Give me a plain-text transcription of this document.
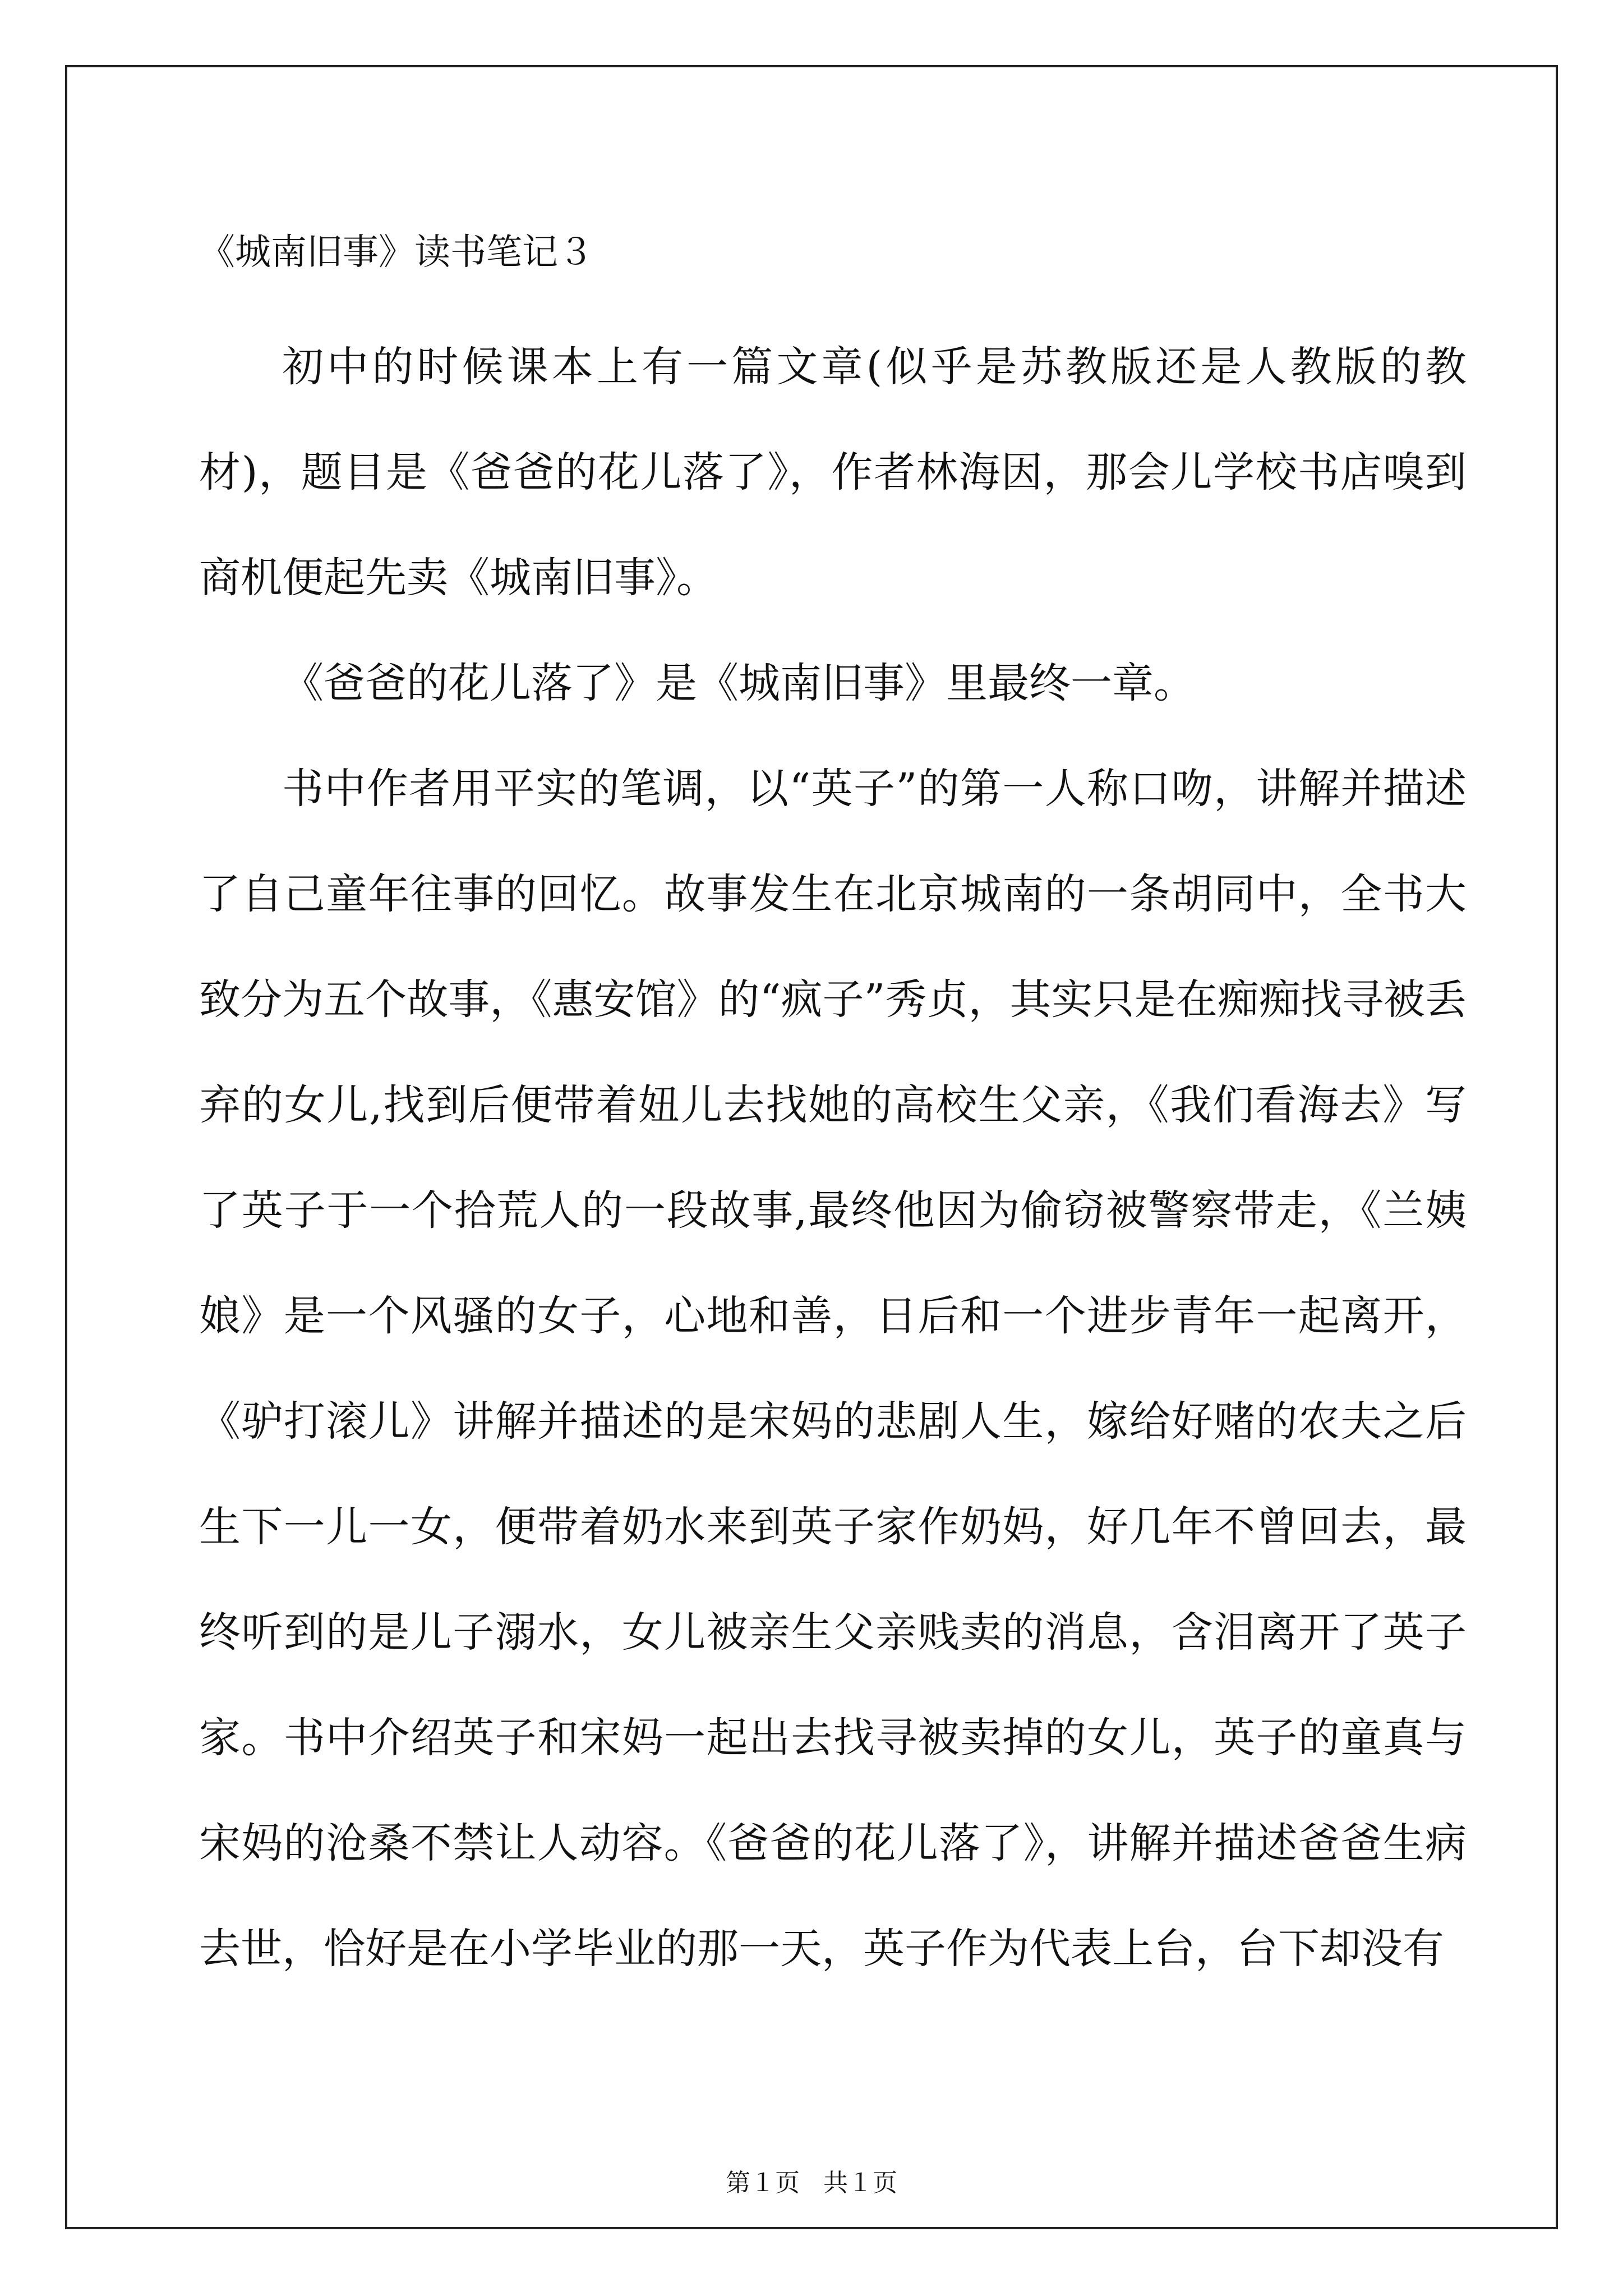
《城南旧事》读书笔记３

初中的时候课本上有一篇文章(似乎是苏教版还是人教版的教材)，题目是《爸爸的花儿落了》，作者林海因，那会儿学校书店嗅到商机便起先卖《城南旧事》。

《爸爸的花儿落了》是《城南旧事》里最终一章。

书中作者用平实的笔调，以“英子”的第一人称口吻，讲解并描述了自己童年往事的回忆。故事发生在北京城南的一条胡同中，全书大致分为五个故事，《惠安馆》的“疯子”秀贞，其实只是在痴痴找寻被丢弃的女儿,找到后便带着妞儿去找她的高校生父亲，《我们看海去》写了英子于一个拾荒人的一段故事,最终他因为偷窃被警察带走，《兰姨娘》是一个风骚的女子，心地和善，日后和一个进步青年一起离开，《驴打滚儿》讲解并描述的是宋妈的悲剧人生，嫁给好赌的农夫之后生下一儿一女，便带着奶水来到英子家作奶妈，好几年不曾回去，最终听到的是儿子溺水，女儿被亲生父亲贱卖的消息，含泪离开了英子家。书中介绍英子和宋妈一起出去找寻被卖掉的女儿，英子的童真与宋妈的沧桑不禁让人动容。《爸爸的花儿落了》，讲解并描述爸爸生病去世，恰好是在小学毕业的那一天，英子作为代表上台，台下却没有

第１页   共１页
